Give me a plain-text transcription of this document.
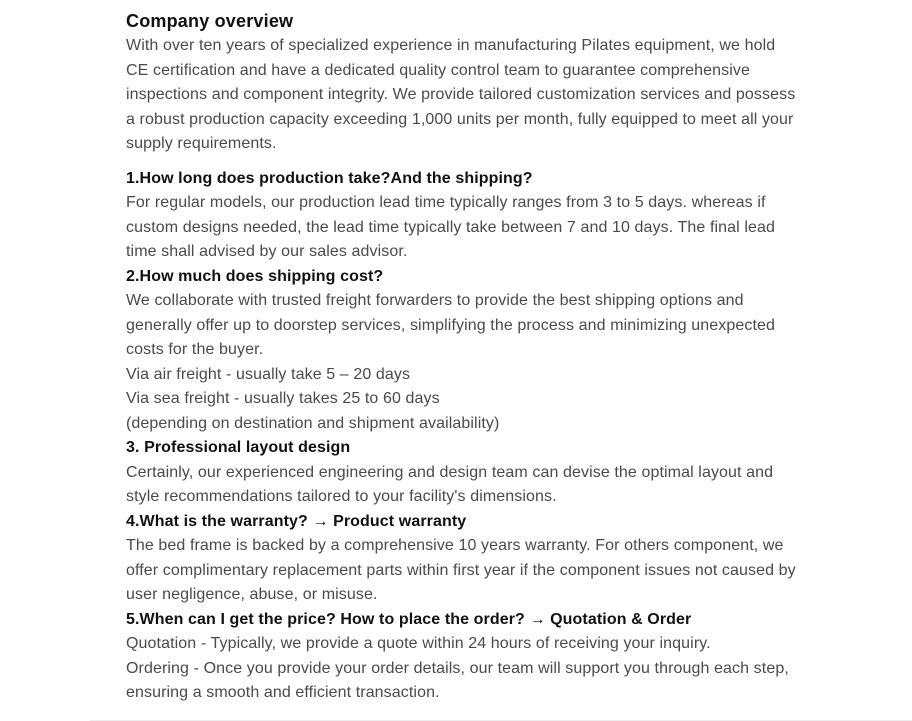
Company overview

With over ten years of specialized experience in manufacturing Pilates equipment, we hold CE certification and have a dedicated quality control team to guarantee comprehensive inspections and component integrity. We provide tailored customization services and possess a robust production capacity exceeding 1,000 units per month, fully equipped to meet all your supply requirements.

1.How long does production take?And the shipping?

For regular models, our production lead time typically ranges from 3 to 5 days. whereas if custom designs needed, the lead time typically take between 7 and 10 days. The final lead time shall advised by our sales advisor.

2.How much does shipping cost?

We collaborate with trusted freight forwarders to provide the best shipping options and generally offer up to doorstep services, simplifying the process and minimizing unexpected costs for the buyer.

Via air freight - usually take 5 – 20 days

Via sea freight - usually takes 25 to 60 days

(depending on destination and shipment availability)

3. Professional layout design

Certainly, our experienced engineering and design team can devise the optimal layout and style recommendations tailored to your facility's dimensions.

4.What is the warranty? → Product warranty

The bed frame is backed by a comprehensive 10 years warranty. For others component, we offer complimentary replacement parts within first year if the component issues not caused by user negligence, abuse, or misuse.

5.When can I get the price? How to place the order? → Quotation & Order

Quotation - Typically, we provide a quote within 24 hours of receiving your inquiry.

Ordering - Once you provide your order details, our team will support you through each step, ensuring a smooth and efficient transaction.
